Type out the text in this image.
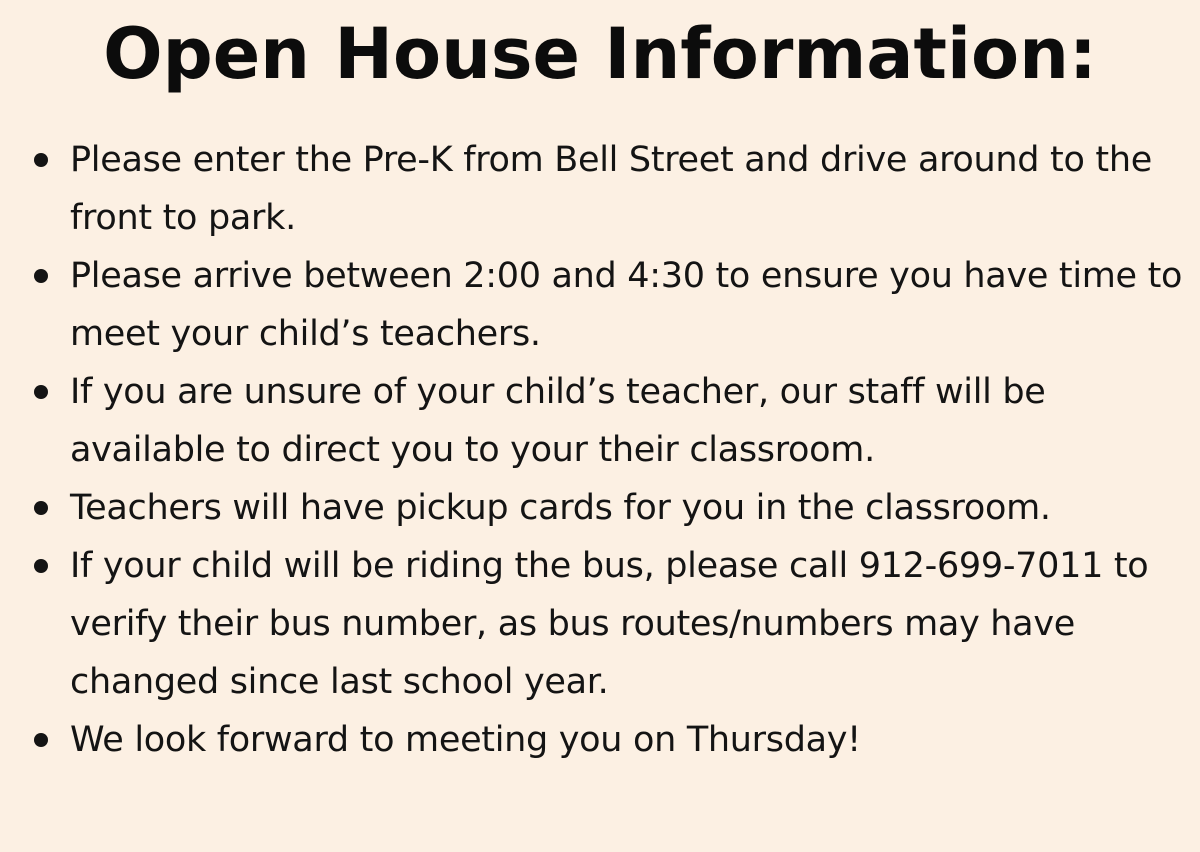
Open House Information:
Please enter the Pre-K from Bell Street and drive around to the front to park.
Please arrive between 2:00 and 4:30 to ensure you have time to meet your child’s teachers.
If you are unsure of your child’s teacher, our staff will be available to direct you to your their classroom.
Teachers will have pickup cards for you in the classroom.
If your child will be riding the bus, please call 912-699-7011 to verify their bus number, as bus routes/numbers may have changed since last school year.
We look forward to meeting you on Thursday!
